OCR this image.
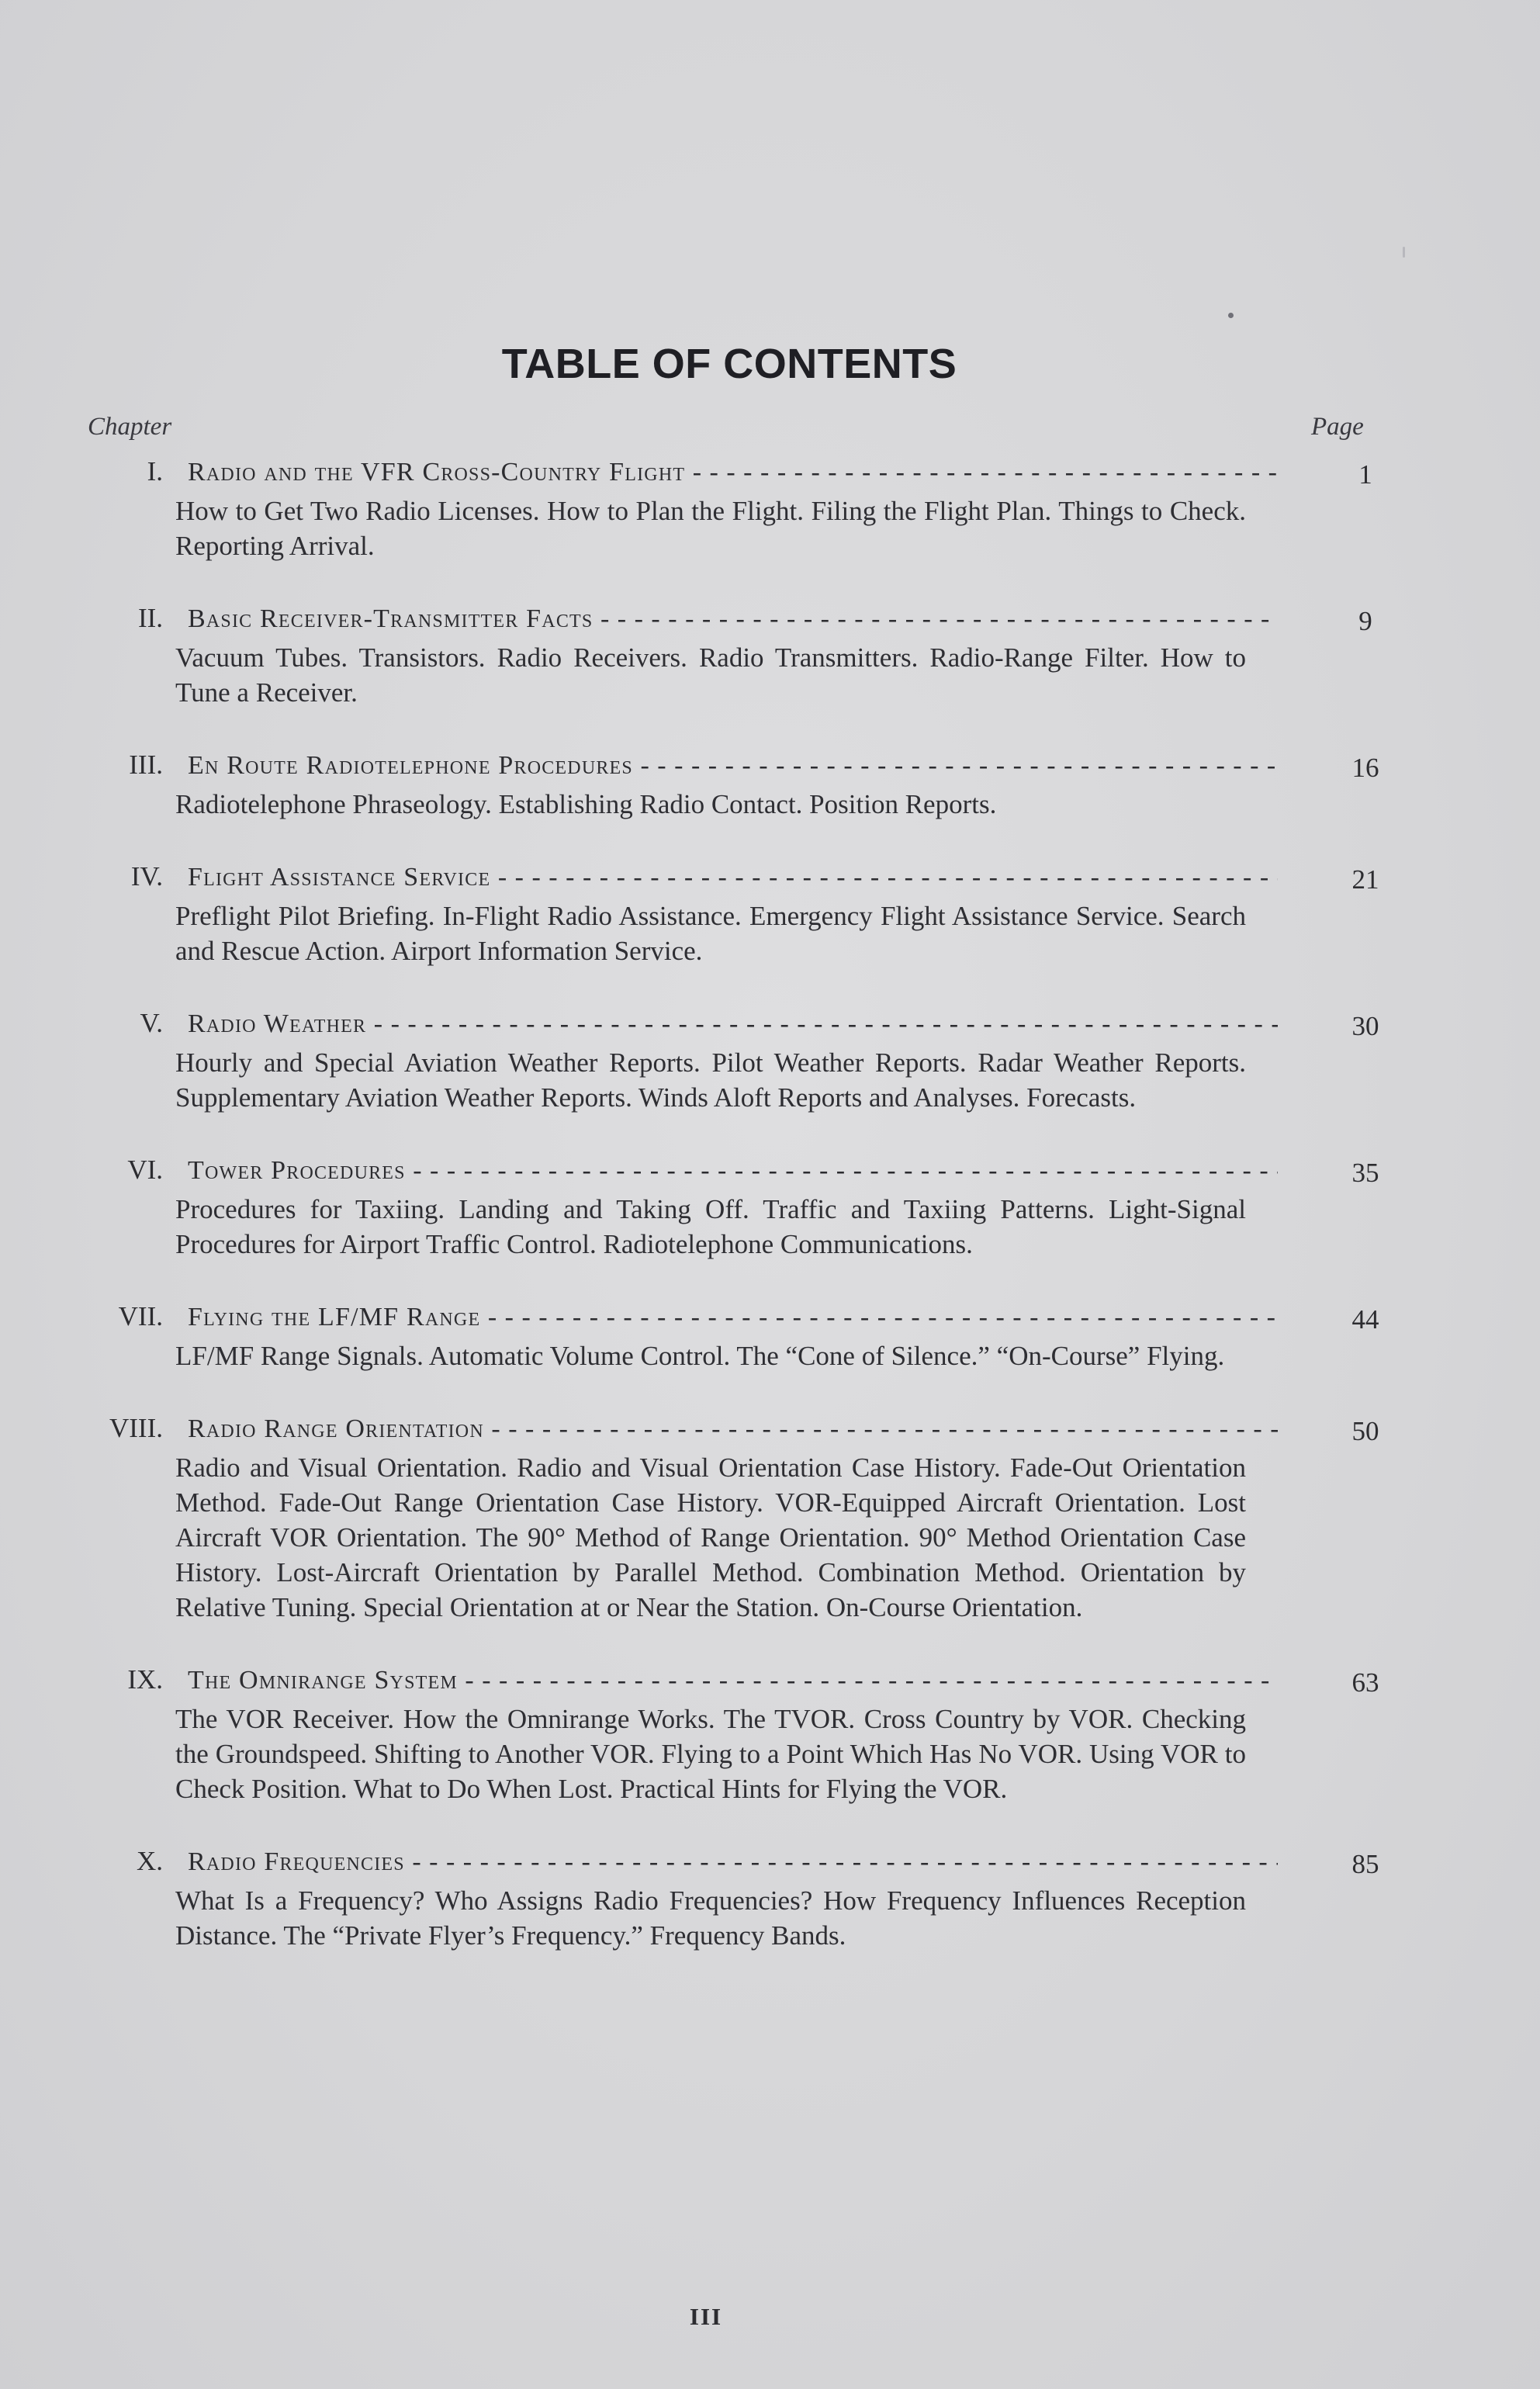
TABLE OF CONTENTS
Chapter	Page
I. Radio and the VFR Cross-Country Flight - - -	1
How to Get Two Radio Licenses. How to Plan the Flight. Filing the Flight Plan. Things to Check. Reporting Arrival.
II. Basic Receiver-Transmitter Facts - - -	9
Vacuum Tubes. Transistors. Radio Receivers. Radio Transmitters. Radio-Range Filter. How to Tune a Receiver.
III. En Route Radiotelephone Procedures - - -	16
Radiotelephone Phraseology. Establishing Radio Contact. Position Reports.
IV. Flight Assistance Service - - -	21
Preflight Pilot Briefing. In-Flight Radio Assistance. Emergency Flight Assistance Service. Search and Rescue Action. Airport Information Service.
V. Radio Weather - - -	30
Hourly and Special Aviation Weather Reports. Pilot Weather Reports. Radar Weather Reports. Supplementary Aviation Weather Reports. Winds Aloft Reports and Analyses. Forecasts.
VI. Tower Procedures - - -	35
Procedures for Taxiing. Landing and Taking Off. Traffic and Taxiing Patterns. Light-Signal Procedures for Airport Traffic Control. Radiotelephone Communications.
VII. Flying the LF/MF Range - - -	44
LF/MF Range Signals. Automatic Volume Control. The “Cone of Silence.” “On-Course” Flying.
VIII. Radio Range Orientation - - -	50
Radio and Visual Orientation. Radio and Visual Orientation Case History. Fade-Out Orientation Method. Fade-Out Range Orientation Case History. VOR-Equipped Aircraft Orientation. Lost Aircraft VOR Orientation. The 90° Method of Range Orientation. 90° Method Orientation Case History. Lost-Aircraft Orientation by Parallel Method. Combination Method. Orientation by Relative Tuning. Special Orientation at or Near the Station. On-Course Orientation.
IX. The Omnirange System - - -	63
The VOR Receiver. How the Omnirange Works. The TVOR. Cross Country by VOR. Checking the Groundspeed. Shifting to Another VOR. Flying to a Point Which Has No VOR. Using VOR to Check Position. What to Do When Lost. Practical Hints for Flying the VOR.
X. Radio Frequencies - - -	85
What Is a Frequency? Who Assigns Radio Frequencies? How Frequency Influences Reception Distance. The “Private Flyer’s Frequency.” Frequency Bands.
III
